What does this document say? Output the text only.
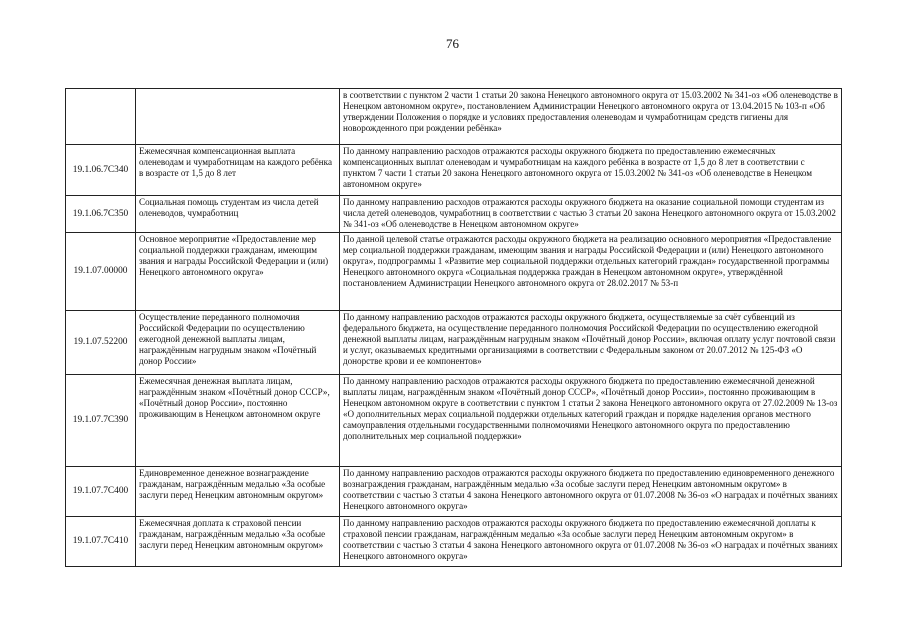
76
		в соответствии с пунктом 2 части 1 статьи 20 закона Ненецкого автономного округа от 15.03.2002 № 341-оз «Об оленеводстве в Ненецком автономном округе», постановлением Администрации Ненецкого автономного округа от 13.04.2015 № 103-п «Об утверждении Положения о порядке и условиях предоставления оленеводам и чумработницам средств гигиены для новорожденного при рождении ребёнка»
19.1.06.7С340	Ежемесячная компенсационная выплата оленеводам и чумработницам на каждого ребёнка в возрасте от 1,5 до 8 лет	По данному направлению расходов отражаются расходы окружного бюджета по предоставлению ежемесячных компенсационных выплат оленеводам и чумработницам на каждого ребёнка в возрасте от 1,5 до 8 лет в соответствии с пунктом 7 части 1 статьи 20 закона Ненецкого автономного округа от 15.03.2002 № 341-оз «Об оленеводстве в Ненецком автономном округе»
19.1.06.7С350	Социальная помощь студентам из числа детей оленеводов, чумработниц	По данному направлению расходов отражаются расходы окружного бюджета на оказание социальной помощи студентам из числа детей оленеводов, чумработниц в соответствии с частью 3 статьи 20 закона Ненецкого автономного округа от 15.03.2002 № 341-оз «Об оленеводстве в Ненецком автономном округе»
19.1.07.00000	Основное мероприятие «Предоставление мер социальной поддержки гражданам, имеющим звания и награды Российской Федерации и (или) Ненецкого автономного округа»	По данной целевой статье отражаются расходы окружного бюджета на реализацию основного мероприятия «Предоставление мер социальной поддержки гражданам, имеющим звания и награды Российской Федерации и (или) Ненецкого автономного округа», подпрограммы 1 «Развитие мер социальной поддержки отдельных категорий граждан» государственной программы Ненецкого автономного округа «Социальная поддержка граждан в Ненецком автономном округе», утверждённой постановлением Администрации Ненецкого автономного округа от 28.02.2017 № 53-п
19.1.07.52200	Осуществление переданного полномочия Российской Федерации по осуществлению ежегодной денежной выплаты лицам, награждённым нагрудным знаком «Почётный донор России»	По данному направлению расходов отражаются расходы окружного бюджета, осуществляемые за счёт субвенций из федерального бюджета, на осуществление переданного полномочия Российской Федерации по осуществлению ежегодной денежной выплаты лицам, награждённым нагрудным знаком «Почётный донор России», включая оплату услуг почтовой связи и услуг, оказываемых кредитными организациями в соответствии с Федеральным законом от 20.07.2012 № 125-ФЗ «О донорстве крови и ее компонентов»
19.1.07.7С390	Ежемесячная денежная выплата лицам, награждённым знаком «Почётный донор СССР», «Почётный донор России», постоянно проживающим в Ненецком автономном округе	По данному направлению расходов отражаются расходы окружного бюджета по предоставлению ежемесячной денежной выплаты лицам, награждённым знаком «Почётный донор СССР», «Почётный донор России», постоянно проживающим в Ненецком автономном округе в соответствии с пунктом 1 статьи 2 закона Ненецкого автономного округа от 27.02.2009 № 13-оз «О дополнительных мерах социальной поддержки отдельных категорий граждан и порядке наделения органов местного самоуправления отдельными государственными полномочиями Ненецкого автономного округа по предоставлению дополнительных мер социальной поддержки»
19.1.07.7С400	Единовременное денежное вознаграждение гражданам, награждённым медалью «За особые заслуги перед Ненецким автономным округом»	По данному направлению расходов отражаются расходы окружного бюджета по предоставлению единовременного денежного вознаграждения гражданам, награждённым медалью «За особые заслуги перед Ненецким автономным округом» в соответствии с частью 3 статьи 4 закона Ненецкого автономного округа от 01.07.2008 № 36-оз «О наградах и почётных званиях Ненецкого автономного округа»
19.1.07.7С410	Ежемесячная доплата к страховой пенсии гражданам, награждённым медалью «За особые заслуги перед Ненецким автономным округом»	По данному направлению расходов отражаются расходы окружного бюджета по предоставлению ежемесячной доплаты к страховой пенсии гражданам, награждённым медалью «За особые заслуги перед Ненецким автономным округом» в соответствии с частью 3 статьи 4 закона Ненецкого автономного округа от 01.07.2008 № 36-оз «О наградах и почётных званиях Ненецкого автономного округа»
